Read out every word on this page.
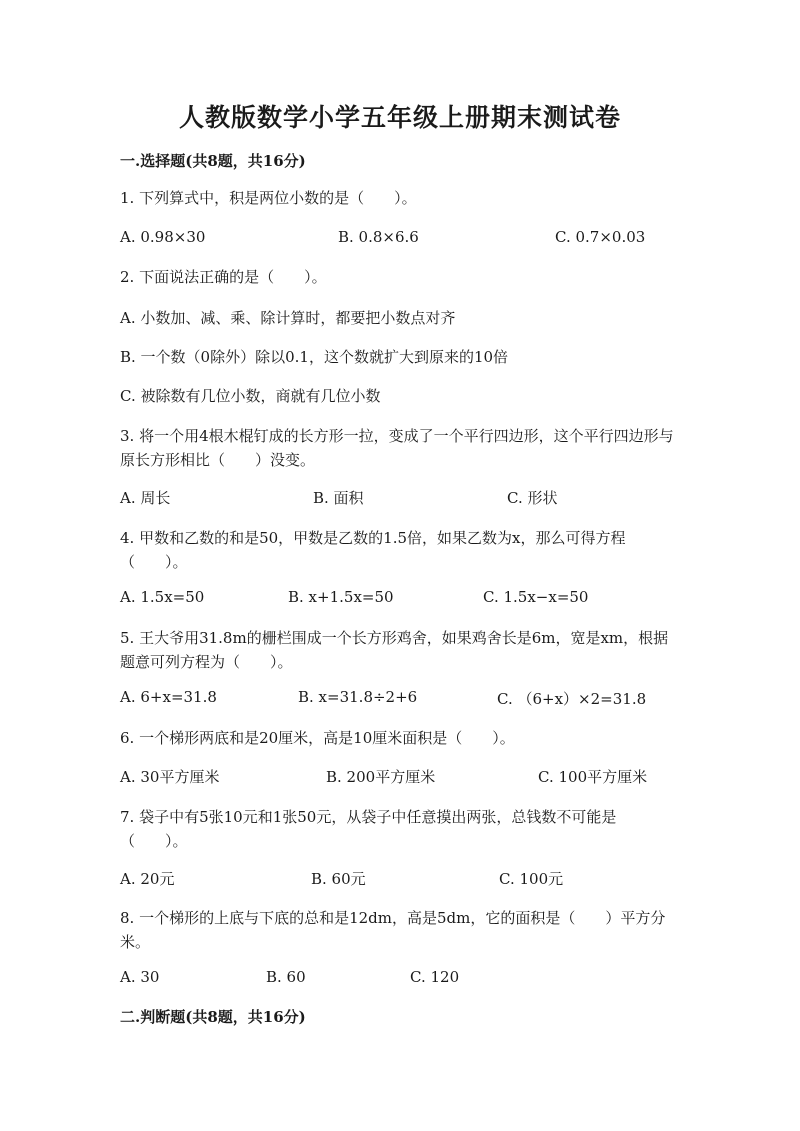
人教版数学小学五年级上册期末测试卷
一.选择题(共8题，共16分)
1. 下列算式中，积是两位小数的是（　　）。
A. 0.98×30	B. 0.8×6.6	C. 0.7×0.03
2. 下面说法正确的是（　　）。
A. 小数加、减、乘、除计算时，都要把小数点对齐
B. 一个数（0除外）除以0.1，这个数就扩大到原来的10倍
C. 被除数有几位小数，商就有几位小数
3. 将一个用4根木棍钉成的长方形一拉，变成了一个平行四边形，这个平行四边形与原长方形相比（　　）没变。
A. 周长	B. 面积	C. 形状
4. 甲数和乙数的和是50，甲数是乙数的1.5倍，如果乙数为x，那么可得方程（　　）。
A. 1.5x=50	B. x+1.5x=50	C. 1.5x−x=50
5. 王大爷用31.8m的栅栏围成一个长方形鸡舍，如果鸡舍长是6m，宽是xm，根据题意可列方程为（　　）。
A. 6+x=31.8	B. x=31.8÷2+6	C. （6+x）×2=31.8
6. 一个梯形两底和是20厘米，高是10厘米面积是（　　）。
A. 30平方厘米	B. 200平方厘米	C. 100平方厘米
7. 袋子中有5张10元和1张50元，从袋子中任意摸出两张，总钱数不可能是（　　）。
A. 20元	B. 60元	C. 100元
8. 一个梯形的上底与下底的总和是12dm，高是5dm，它的面积是（　　）平方分米。
A. 30	B. 60	C. 120
二.判断题(共8题，共16分)
